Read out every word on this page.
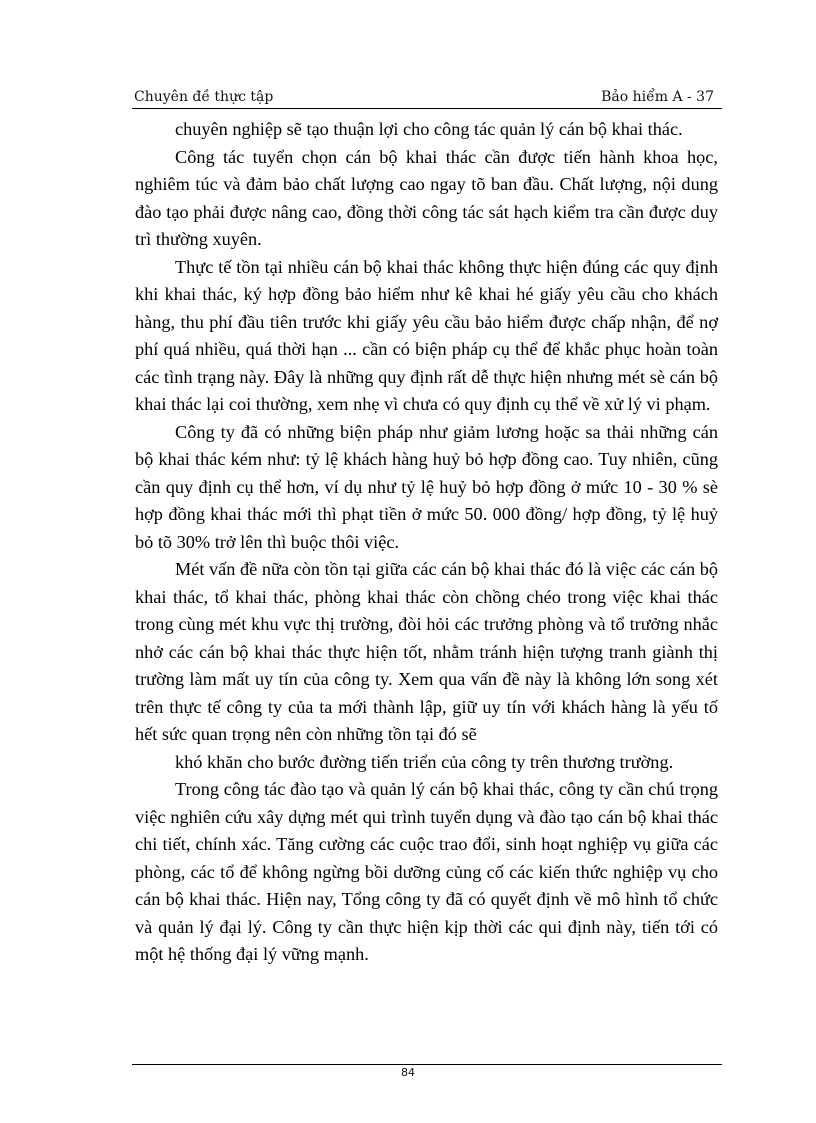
Chuyên đề thực tập	Bảo hiểm A - 37

chuyên nghiệp sẽ tạo thuận lợi cho công tác quản lý cán bộ khai thác.

Công tác tuyển chọn cán bộ khai thác cần được tiến hành khoa học, nghiêm túc và đảm bảo chất lượng cao ngay tõ ban đầu. Chất lượng, nội dung đào tạo phải được nâng cao, đồng thời công tác sát hạch kiểm tra cần được duy trì thường xuyên.

Thực tế tồn tại nhiều cán bộ khai thác không thực hiện đúng các quy định khi khai thác, ký hợp đồng bảo hiểm như kê khai hé giấy yêu cầu cho khách hàng, thu phí đầu tiên trước khi giấy yêu cầu bảo hiểm được chấp nhận, để nợ phí quá nhiều, quá thời hạn ... cần có biện pháp cụ thể để khắc phục hoàn toàn các tình trạng này. Đây là những quy định rất dễ thực hiện nhưng mét sè cán bộ khai thác lại coi thường, xem nhẹ vì chưa có quy định cụ thể về xử lý vi phạm.

Công ty đã có những biện pháp như giảm lương hoặc sa thải những cán bộ khai thác kém như: tỷ lệ khách hàng huỷ bỏ hợp đồng cao. Tuy nhiên, cũng cần quy định cụ thể hơn, ví dụ như tỷ lệ huỷ bỏ hợp đồng ở mức 10 - 30 % sè hợp đồng khai thác mới thì phạt tiền ở mức 50. 000 đồng/ hợp đồng, tỷ lệ huỷ bỏ tõ 30% trở lên thì buộc thôi việc.

Mét vấn đề nữa còn tồn tại giữa các cán bộ khai thác đó là việc các cán bộ khai thác, tổ khai thác, phòng khai thác còn chồng chéo trong việc khai thác trong cùng mét khu vực thị trường, đòi hỏi các trưởng phòng và tổ trưởng nhắc nhở các cán bộ khai thác thực hiện tốt, nhằm tránh hiện tượng tranh giành thị trường làm mất uy tín của công ty. Xem qua vấn đề này là không lớn song xét trên thực tế công ty của ta mới thành lập, giữ uy tín với khách hàng là yếu tố hết sức quan trọng nên còn những tồn tại đó sẽ

khó khăn cho bước đường tiến triển của công ty trên thương trường.

Trong công tác đào tạo và quản lý cán bộ khai thác, công ty cần chú trọng việc nghiên cứu xây dựng mét qui trình tuyển dụng và đào tạo cán bộ khai thác chi tiết, chính xác. Tăng cường các cuộc trao đổi, sinh hoạt nghiệp vụ giữa các phòng, các tổ để không ngừng bồi dưỡng củng cố các kiến thức nghiệp vụ cho cán bộ khai thác. Hiện nay, Tổng công ty đã có quyết định về mô hình tổ chức và quản lý đại lý. Công ty cần thực hiện kịp thời các qui định này, tiến tới có một hệ thống đại lý vững mạnh.

84
